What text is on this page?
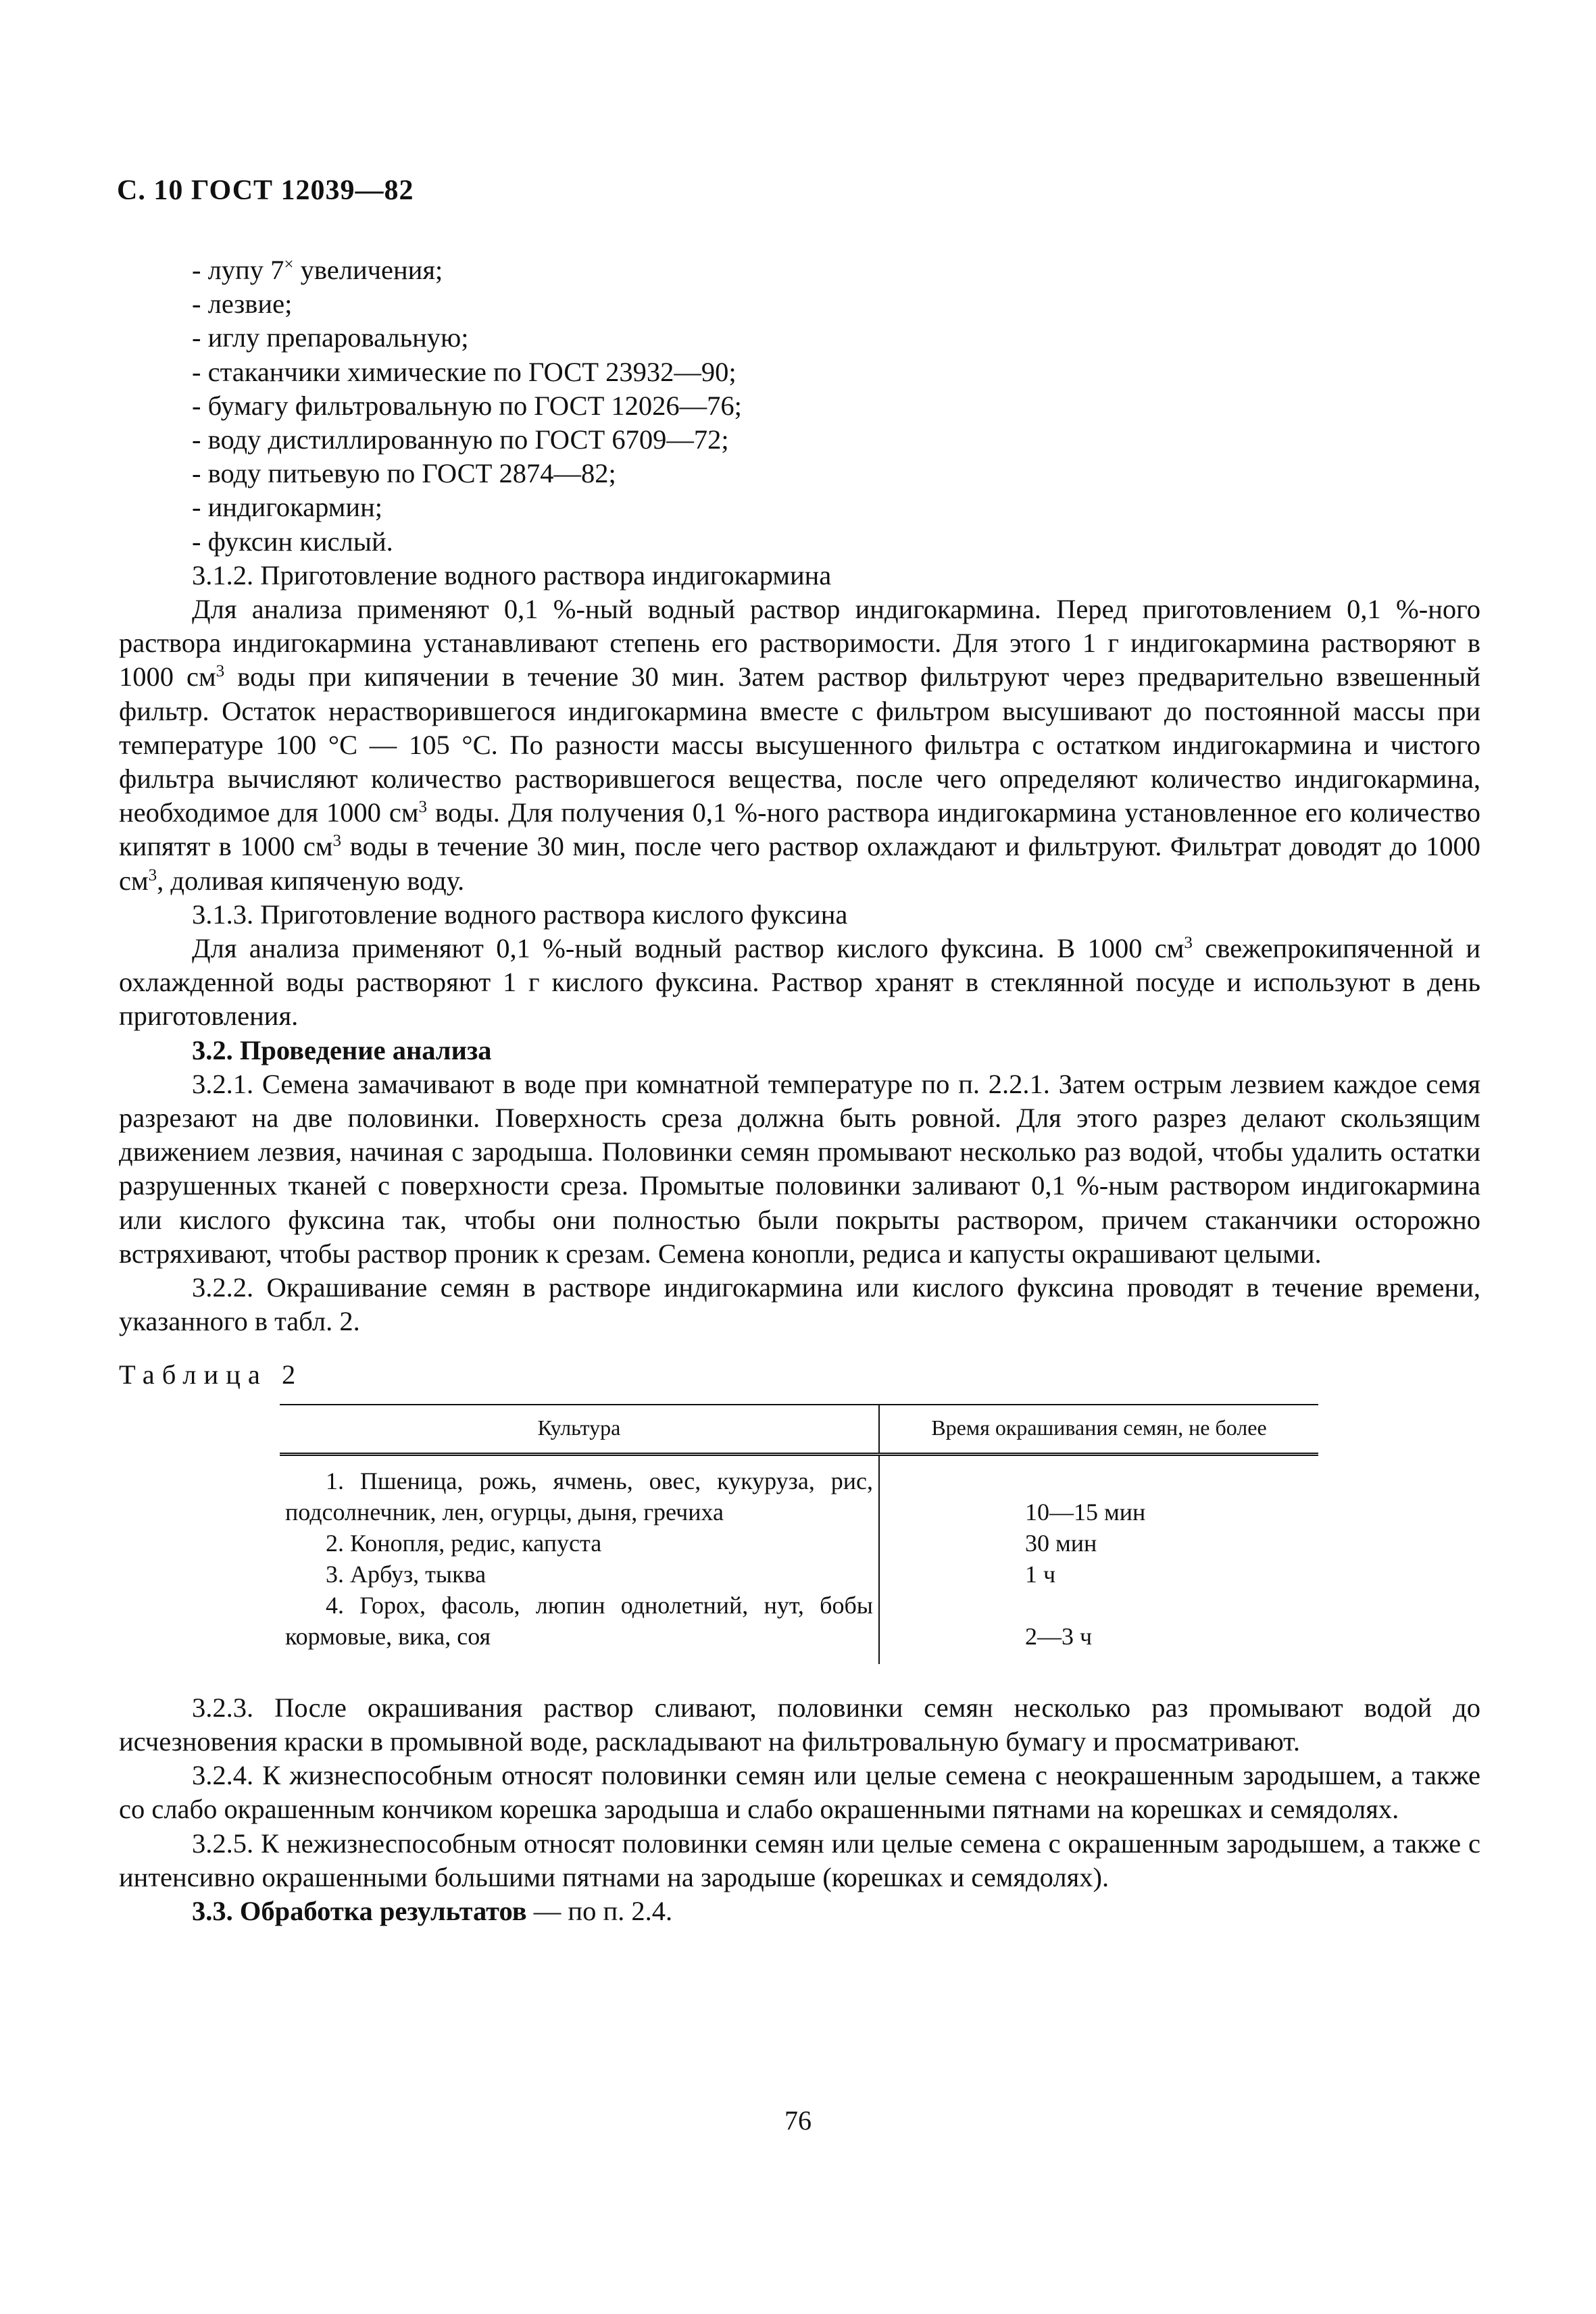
С. 10 ГОСТ 12039—82

- лупу 7× увеличения;

- лезвие;

- иглу препаровальную;

- стаканчики химические по ГОСТ 23932—90;

- бумагу фильтровальную по ГОСТ 12026—76;

- воду дистиллированную по ГОСТ 6709—72;

- воду питьевую по ГОСТ 2874—82;

- индигокармин;

- фуксин кислый.

3.1.2. Приготовление водного раствора индигокармина

Для анализа применяют 0,1 %-ный водный раствор индигокармина. Перед приготовлением 0,1 %-ного раствора индигокармина устанавливают степень его растворимости. Для этого 1 г индигокармина растворяют в 1000 $см^3$ воды при кипячении в течение 30 мин. Затем раствор фильтруют через предварительно взвешенный фильтр. Остаток нерастворившегося индигокармина вместе с фильтром высушивают до постоянной массы при температуре 100 °С — 105 °С. По разности массы высушенного фильтра с остатком индигокармина и чистого фильтра вычисляют количество растворившегося вещества, после чего определяют количество индигокармина, необходимое для 1000 $см^3$ воды. Для получения 0,1 %-ного раствора индигокармина установленное его количество кипятят в 1000 $см^3$ воды в течение 30 мин, после чего раствор охлаждают и фильтруют. Фильтрат доводят до 1000 $см^3$, доливая кипяченую воду.

3.1.3. Приготовление водного раствора кислого фуксина

Для анализа применяют 0,1 %-ный водный раствор кислого фуксина. В 1000 $см^3$ свежепрокипяченной и охлажденной воды растворяют 1 г кислого фуксина. Раствор хранят в стеклянной посуде и используют в день приготовления.

3.2. Проведение анализа

3.2.1. Семена замачивают в воде при комнатной температуре по п. 2.2.1. Затем острым лезвием каждое семя разрезают на две половинки. Поверхность среза должна быть ровной. Для этого разрез делают скользящим движением лезвия, начиная с зародыша. Половинки семян промывают несколько раз водой, чтобы удалить остатки разрушенных тканей с поверхности среза. Промытые половинки заливают 0,1 %-ным раствором индигокармина или кислого фуксина так, чтобы они полностью были покрыты раствором, причем стаканчики осторожно встряхивают, чтобы раствор проник к срезам. Семена конопли, редиса и капусты окрашивают целыми.

3.2.2. Окрашивание семян в растворе индигокармина или кислого фуксина проводят в течение времени, указанного в табл. 2.

Таблица 2

Культура	Время окрашивания семян, не более

1. Пшеница, рожь, ячмень, овес, кукуруза, рис, подсолнечник, лен, огурцы, дыня, гречиха	10—15 мин

2. Конопля, редис, капуста	30 мин

3. Арбуз, тыква	1 ч

4. Горох, фасоль, люпин однолетний, нут, бобы кормовые, вика, соя	2—3 ч

3.2.3. После окрашивания раствор сливают, половинки семян несколько раз промывают водой до исчезновения краски в промывной воде, раскладывают на фильтровальную бумагу и просматривают.

3.2.4. К жизнеспособным относят половинки семян или целые семена с неокрашенным зародышем, а также со слабо окрашенным кончиком корешка зародыша и слабо окрашенными пятнами на корешках и семядолях.

3.2.5. К нежизнеспособным относят половинки семян или целые семена с окрашенным зародышем, а также с интенсивно окрашенными большими пятнами на зародыше (корешках и семядолях).

3.3. Обработка результатов — по п. 2.4.

76
